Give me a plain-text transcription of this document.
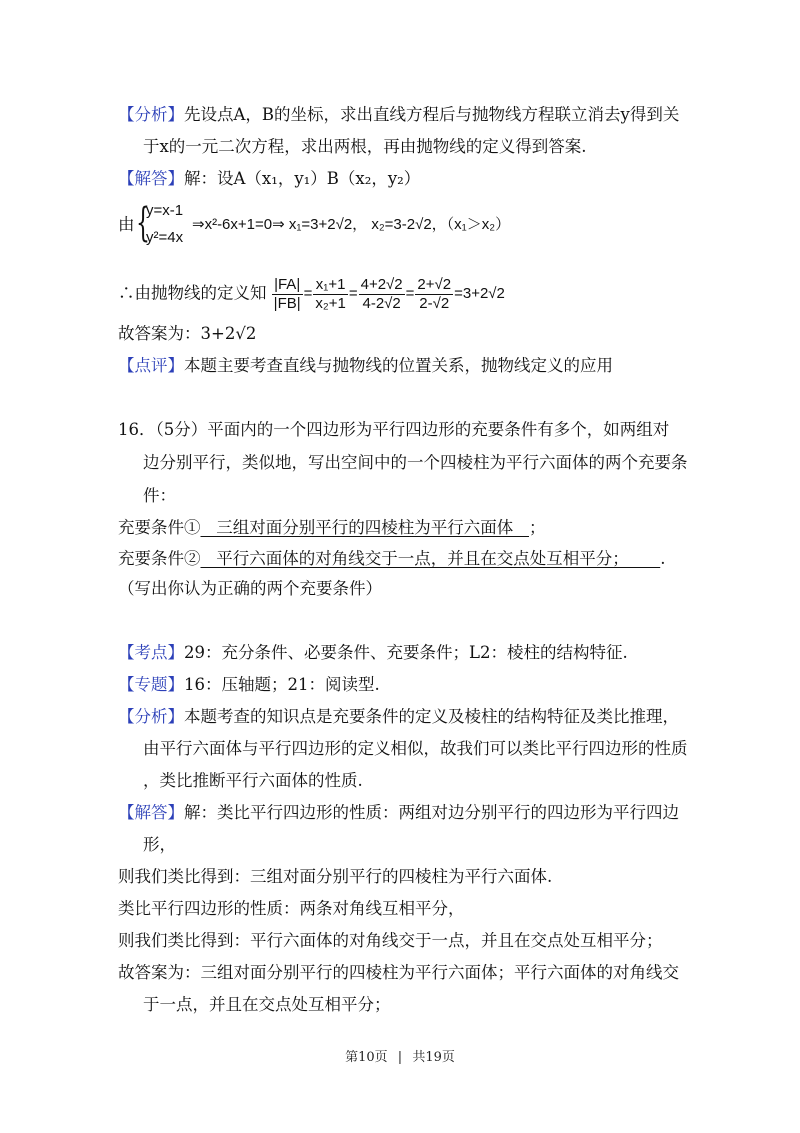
【分析】先设点A，B的坐标，求出直线方程后与抛物线方程联立消去y得到关
于x的一元二次方程，求出两根，再由抛物线的定义得到答案.
【解答】解：设A（x₁，y₁）B（x₂，y₂）
由 {
y=x-1
y²=4x
⇒x²-6x+1=0⇒ x₁=3+2√2， x₂=3-2√2，（x₁＞x₂）
∴由抛物线的定义知 $\frac{|FA|}{|FB|} = \frac{\text{x₁+1}}{\text{x₂+1}} = \frac{4+2√2}{4-2√2} = \frac{2+√2}{2-√2} =3+2√2$
故答案为：3+2√2
【点评】本题主要考查直线与抛物线的位置关系，抛物线定义的应用
16．（5分）平面内的一个四边形为平行四边形的充要条件有多个，如两组对
边分别平行，类似地，写出空间中的一个四棱柱为平行六面体的两个充要条
件：
充要条件①   三组对面分别平行的四棱柱为平行六面体   ；
充要条件②   平行六面体的对角线交于一点，并且在交点处互相平分；      .
（写出你认为正确的两个充要条件）
【考点】29：充分条件、必要条件、充要条件；L2：棱柱的结构特征.
【专题】16：压轴题；21：阅读型.
【分析】本题考查的知识点是充要条件的定义及棱柱的结构特征及类比推理，
由平行六面体与平行四边形的定义相似，故我们可以类比平行四边形的性质
，类比推断平行六面体的性质.
【解答】解：类比平行四边形的性质：两组对边分别平行的四边形为平行四边
形，
则我们类比得到：三组对面分别平行的四棱柱为平行六面体.
类比平行四边形的性质：两条对角线互相平分，
则我们类比得到：平行六面体的对角线交于一点，并且在交点处互相平分；
故答案为：三组对面分别平行的四棱柱为平行六面体；平行六面体的对角线交
于一点，并且在交点处互相平分；
第10页 | 共19页
